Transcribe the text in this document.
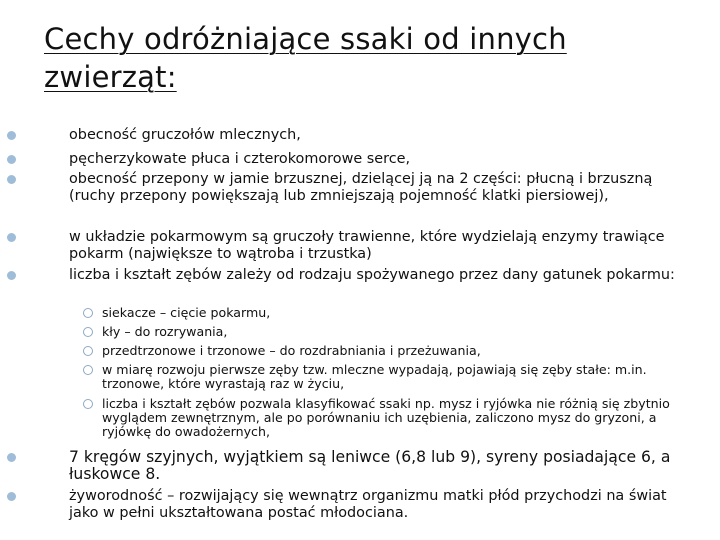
Cechy odróżniające ssaki od innych zwierząt:
obecność gruczołów mlecznych,
pęcherzykowate płuca i czterokomorowe serce,
obecność przepony w jamie brzusznej, dzielącej ją na 2 części: płucną i brzuszną (ruchy przepony powiększają lub zmniejszają pojemność klatki piersiowej),
w układzie pokarmowym są gruczoły trawienne, które wydzielają enzymy trawiące pokarm (największe to wątroba i trzustka)
liczba i kształt zębów zależy od rodzaju spożywanego przez dany gatunek pokarmu:
siekacze – cięcie pokarmu,
kły – do rozrywania,
przedtrzonowe i trzonowe – do rozdrabniania i przeżuwania,
w miarę rozwoju pierwsze zęby tzw. mleczne wypadają, pojawiają się zęby stałe: m.in. trzonowe, które wyrastają raz w życiu,
liczba i kształt zębów pozwala klasyfikować ssaki np. mysz i ryjówka nie różnią się zbytnio wyglądem zewnętrznym, ale po porównaniu ich uzębienia, zaliczono mysz do gryzoni, a ryjówkę do owadożernych,
7 kręgów szyjnych, wyjątkiem są leniwce (6,8 lub 9), syreny posiadające 6, a łuskowce 8.
żyworodność – rozwijający się wewnątrz organizmu matki płód przychodzi na świat jako w pełni ukształtowana postać młodociana.
